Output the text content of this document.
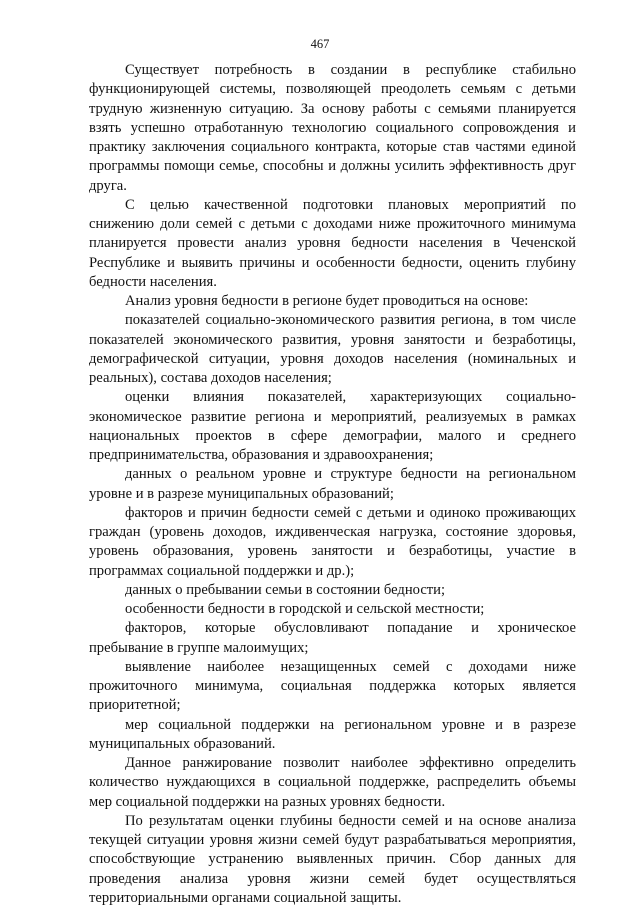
467

Существует потребность в создании в республике стабильно функционирующей системы, позволяющей преодолеть семьям с детьми трудную жизненную ситуацию. За основу работы с семьями планируется взять успешно отработанную технологию социального сопровождения и практику заключения социального контракта, которые став частями единой программы помощи семье, способны и должны усилить эффективность друг друга.

С целью качественной подготовки плановых мероприятий по снижению доли семей с детьми с доходами ниже прожиточного минимума планируется провести анализ уровня бедности населения в Чеченской Республике и выявить причины и особенности бедности, оценить глубину бедности населения.

Анализ уровня бедности в регионе будет проводиться на основе:

показателей социально-экономического развития региона, в том числе показателей экономического развития, уровня занятости и безработицы, демографической ситуации, уровня доходов населения (номинальных и реальных), состава доходов населения;

оценки влияния показателей, характеризующих социально-экономическое развитие региона и мероприятий, реализуемых в рамках национальных проектов в сфере демографии, малого и среднего предпринимательства, образования и здравоохранения;

данных о реальном уровне и структуре бедности на региональном уровне и в разрезе муниципальных образований;

факторов и причин бедности семей с детьми и одиноко проживающих граждан (уровень доходов, иждивенческая нагрузка, состояние здоровья, уровень образования, уровень занятости и безработицы, участие в программах социальной поддержки и др.);

данных о пребывании семьи в состоянии бедности;

особенности бедности в городской и сельской местности;

факторов, которые обусловливают попадание и хроническое пребывание в группе малоимущих;

выявление наиболее незащищенных семей с доходами ниже прожиточного минимума, социальная поддержка которых является приоритетной;

мер социальной поддержки на региональном уровне и в разрезе муниципальных образований.

Данное ранжирование позволит наиболее эффективно определить количество нуждающихся в социальной поддержке, распределить объемы мер социальной поддержки на разных уровнях бедности.

По результатам оценки глубины бедности семей и на основе анализа текущей ситуации уровня жизни семей будут разрабатываться мероприятия, способствующие устранению выявленных причин. Сбор данных для проведения анализа уровня жизни семей будет осуществляться территориальными органами социальной защиты.
